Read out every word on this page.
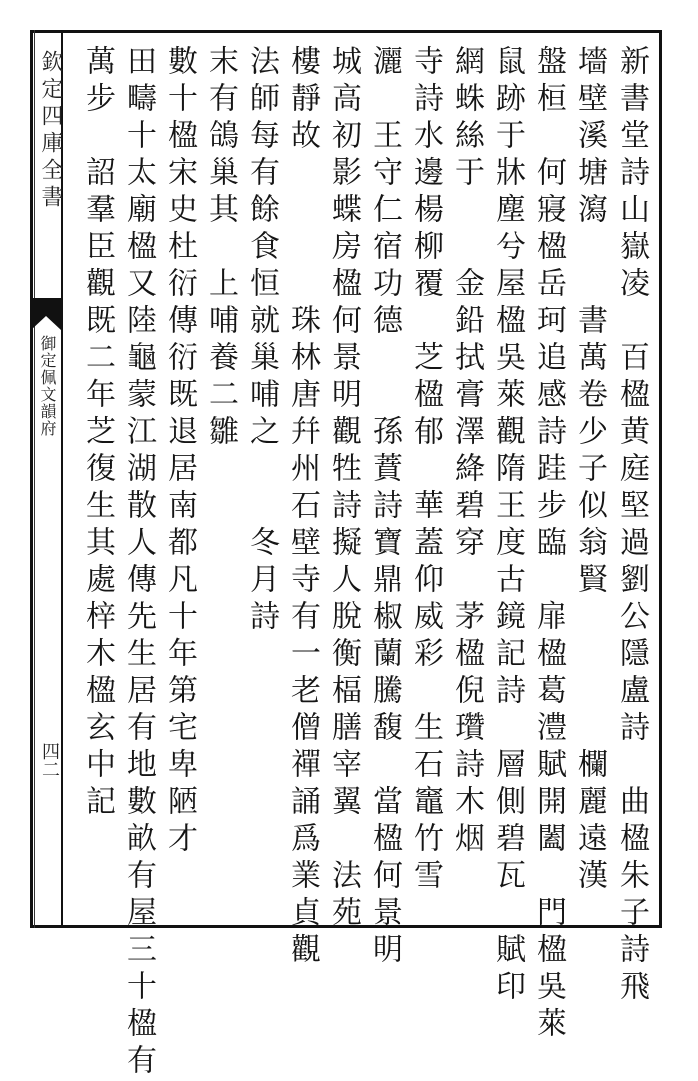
欽定四庫全書
御定佩文韻府
四二	新書堂詩山嶽凌　百楹黄庭堅過劉公隱盧詩　曲楹朱子詩飛
墻壁溪塘瀉　　書萬卷少子似翁賢　　　　欄麗遠漢
盤桓　何寢楹岳珂追感詩跬步臨　扉楹葛澧賦開闔　門楹吳萊
鼠跡于牀塵兮屋楹吳萊觀隋王度古鏡記詩　層側碧瓦　賦印
網蛛絲于　　金鉛拭膏澤絳碧穿　茅楹倪瓚詩木烟
寺詩水邊楊柳覆　芝楹郁　華蓋仰威彩　生石竈竹雪
灑　王守仁宿功德　　孫蕡詩寶鼎椒蘭騰馥　當楹何景明
城高初影蝶房楹何景明觀牲詩擬人脫衡楅膳宰翼　法苑
樓靜故　　　　珠林唐幷州石壁寺有一老僧禪誦爲業貞觀
法師每有餘食恒就巢哺之　　冬月詩
末有鴿巢其　上哺養二雛
數十楹宋史杜衍傳衍既退居南都凡十年第宅卑陋才
田疇十太廟楹又陸龜蒙江湖散人傳先生居有地數畝有屋三十楹有
萬步　詔羣臣觀既二年芝復生其處梓木楹玄中記
